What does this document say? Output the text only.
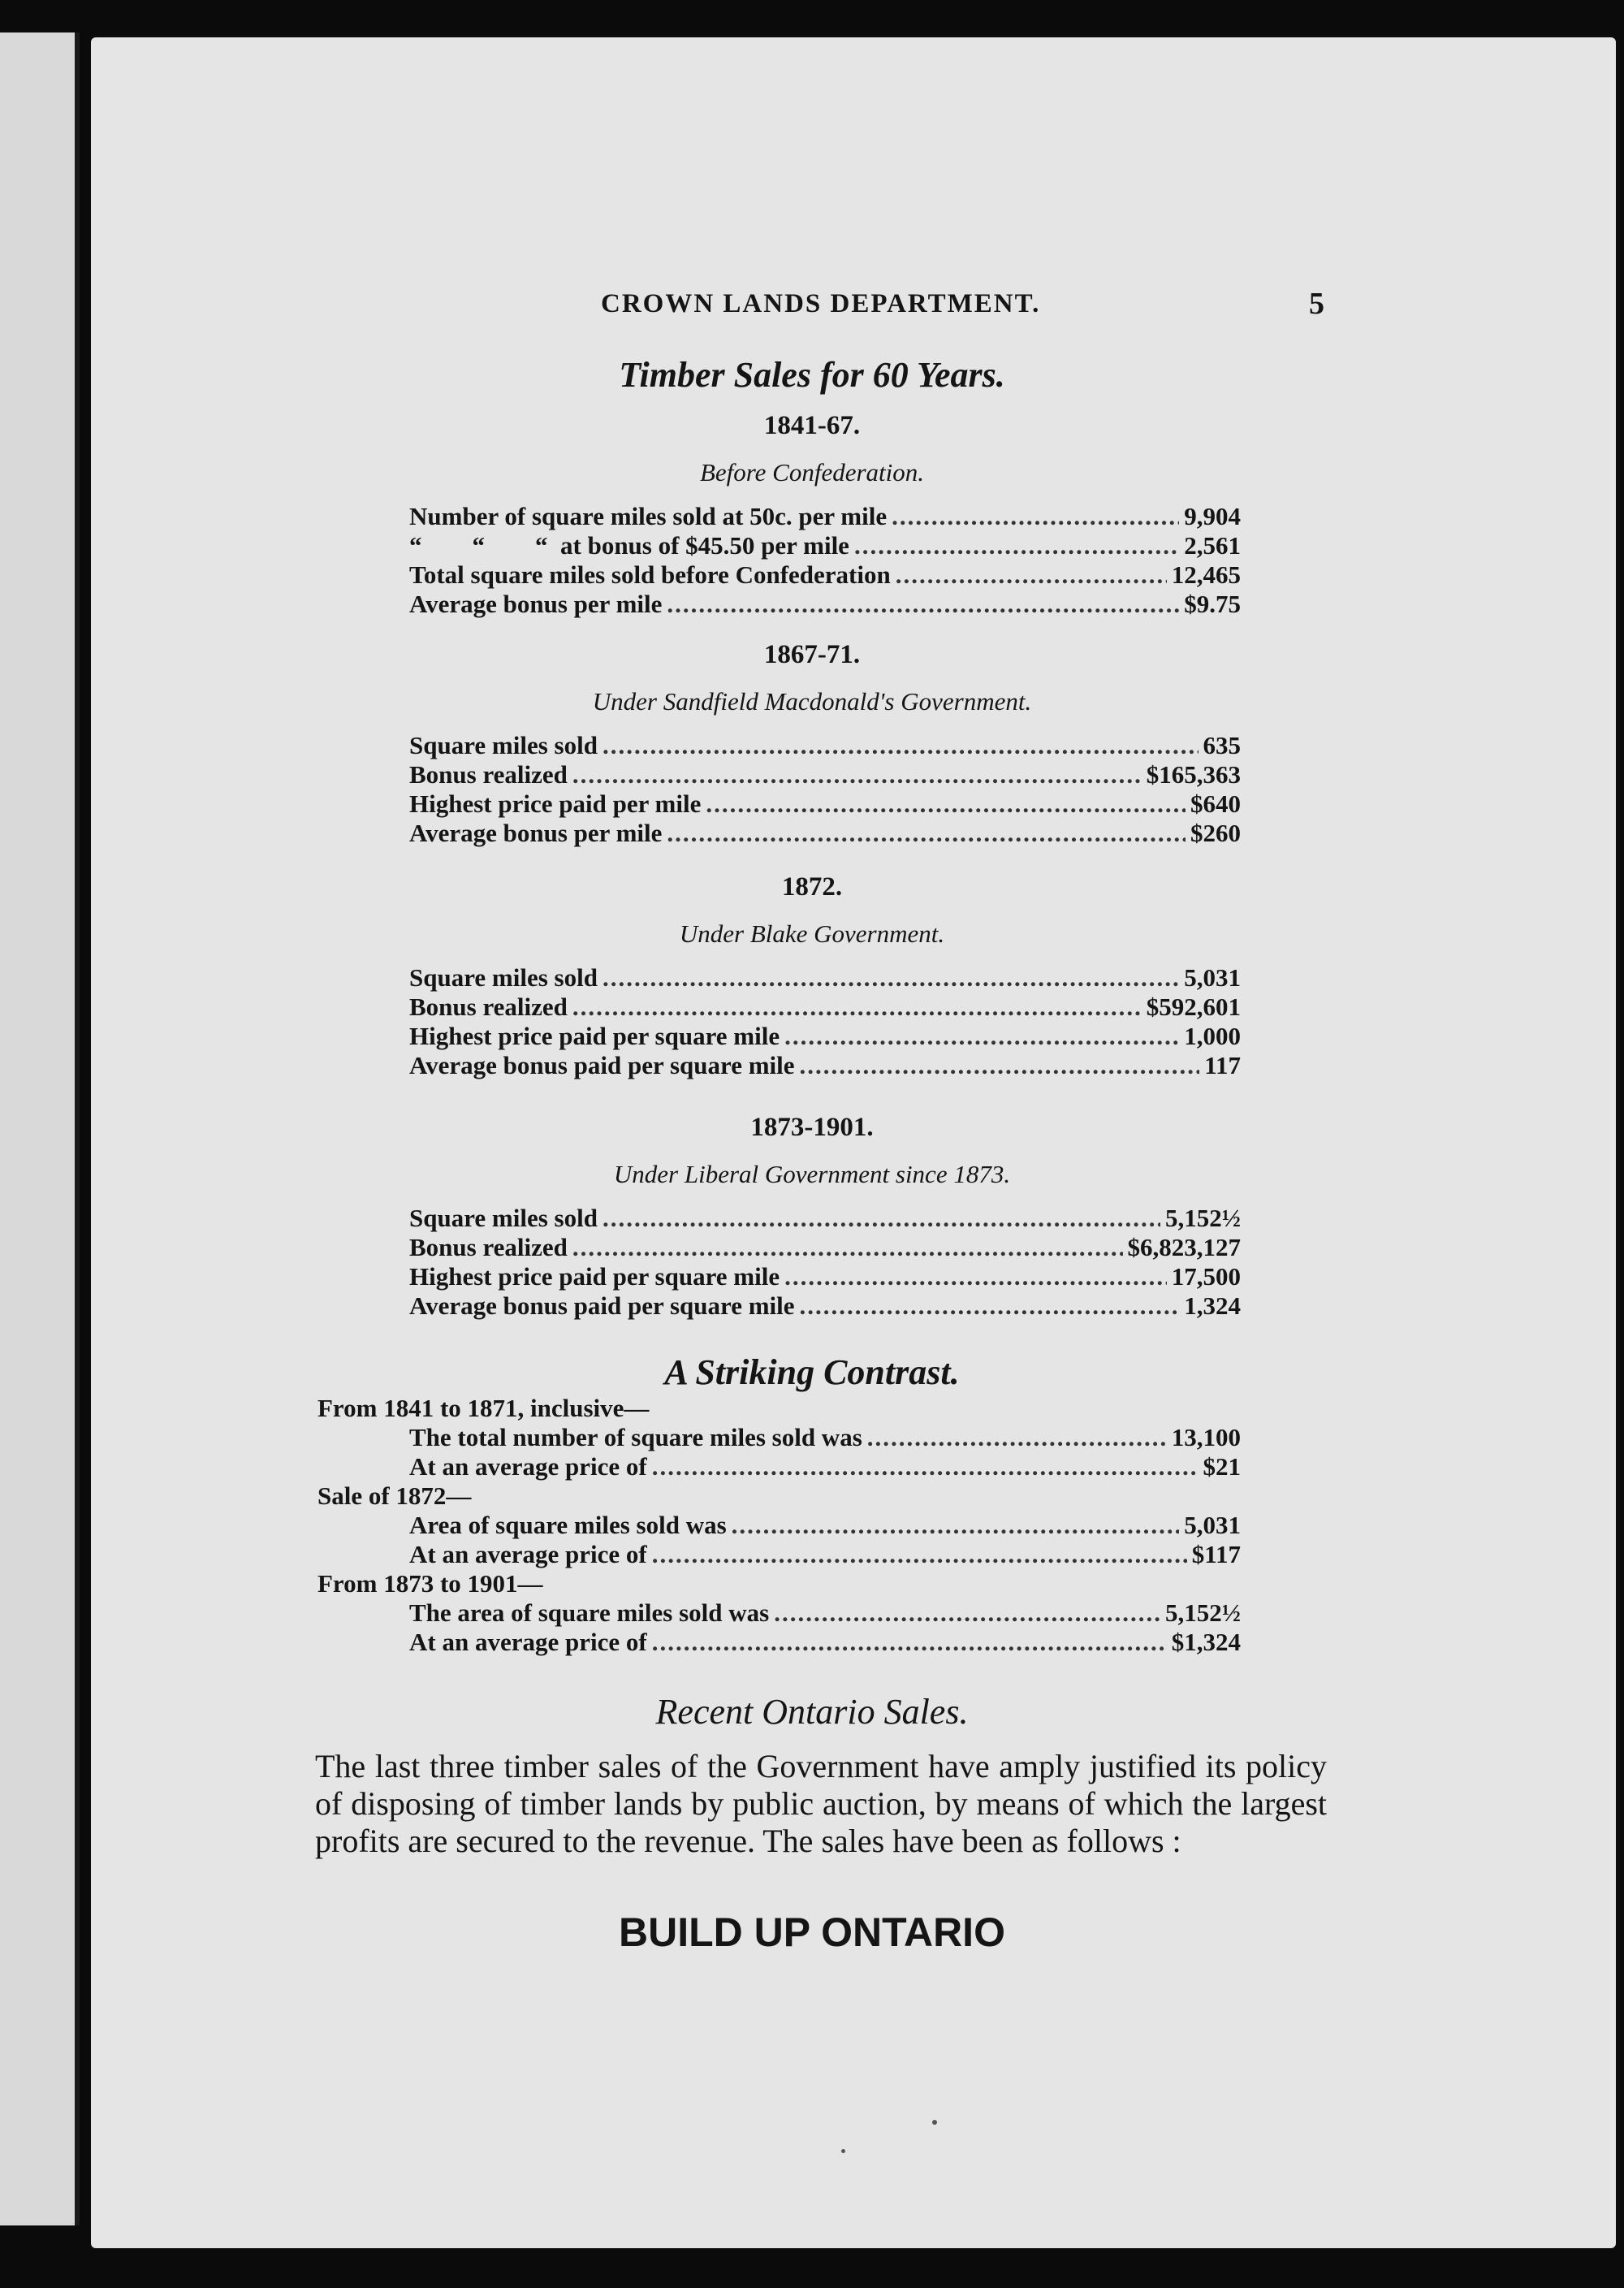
CROWN LANDS DEPARTMENT.	5
Timber Sales for 60 Years.
1841-67.
Before Confederation.
Number of square miles sold at 50c. per mile .....	9,904
“        “        “  at bonus of $45.50 per mile .....	2,561
Total square miles sold before Confederation .....	12,465
Average bonus per mile .....	$9.75
1867-71.
Under Sandfield Macdonald's Government.
Square miles sold .....	635
Bonus realized .....	$165,363
Highest price paid per mile .....	$640
Average bonus per mile .....	$260
1872.
Under Blake Government.
Square miles sold .....	5,031
Bonus realized .....	$592,601
Highest price paid per square mile .....	1,000
Average bonus paid per square mile .....	117
1873-1901.
Under Liberal Government since 1873.
Square miles sold .....	5,152½
Bonus realized .....	$6,823,127
Highest price paid per square mile .....	17,500
Average bonus paid per square mile .....	1,324
A Striking Contrast.
From 1841 to 1871, inclusive—
The total number of square miles sold was .....	13,100
At an average price of .....	$21
Sale of 1872—
Area of square miles sold was .....	5,031
At an average price of .....	$117
From 1873 to 1901—
The area of square miles sold was .....	5,152½
At an average price of .....	$1,324
Recent Ontario Sales.
The last three timber sales of the Government have amply justified its policy of disposing of timber lands by public auction, by means of which the largest profits are secured to the revenue. The sales have been as follows :
BUILD UP ONTARIO
